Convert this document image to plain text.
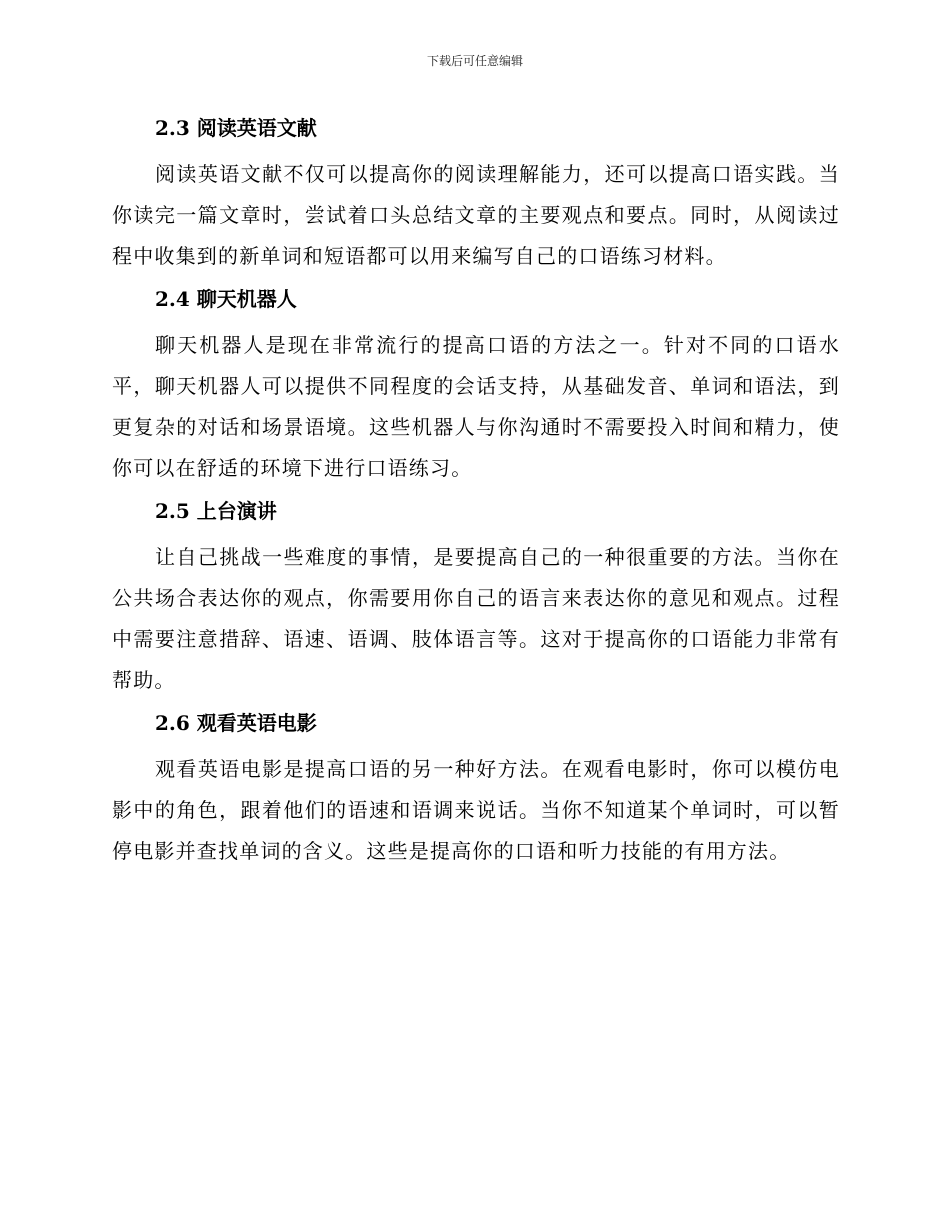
下载后可任意编辑
2.3 阅读英语文献

阅读英语文献不仅可以提高你的阅读理解能力，还可以提高口语实践。当你读完一篇文章时，尝试着口头总结文章的主要观点和要点。同时，从阅读过程中收集到的新单词和短语都可以用来编写自己的口语练习材料。

2.4 聊天机器人

聊天机器人是现在非常流行的提高口语的方法之一。针对不同的口语水平，聊天机器人可以提供不同程度的会话支持，从基础发音、单词和语法，到更复杂的对话和场景语境。这些机器人与你沟通时不需要投入时间和精力，使你可以在舒适的环境下进行口语练习。

2.5 上台演讲

让自己挑战一些难度的事情，是要提高自己的一种很重要的方法。当你在公共场合表达你的观点，你需要用你自己的语言来表达你的意见和观点。过程中需要注意措辞、语速、语调、肢体语言等。这对于提高你的口语能力非常有帮助。

2.6 观看英语电影

观看英语电影是提高口语的另一种好方法。在观看电影时，你可以模仿电影中的角色，跟着他们的语速和语调来说话。当你不知道某个单词时，可以暂停电影并查找单词的含义。这些是提高你的口语和听力技能的有用方法。
